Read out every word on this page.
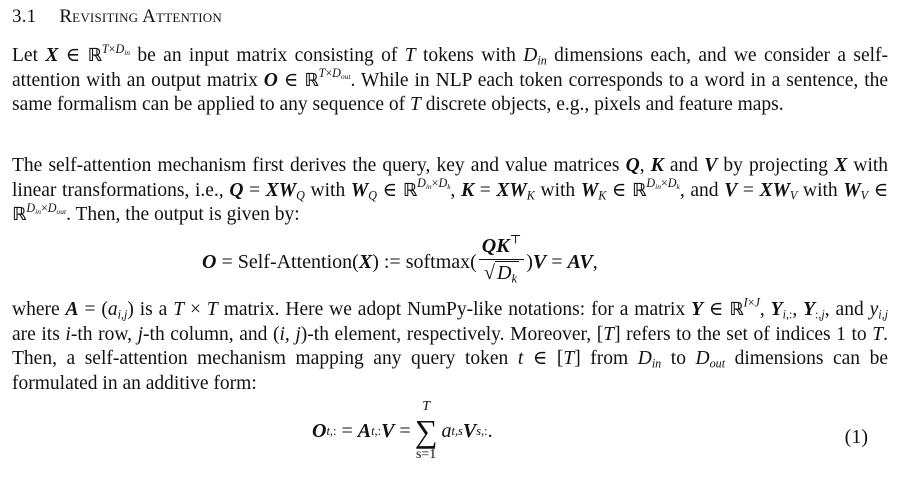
3.1 Revisiting Attention
Let X ∈ ℝ$^{T\times D_{in}}$ be an input matrix consisting of T tokens with $D_{in}$ dimensions each, and we consider a self-attention with an output matrix O ∈ ℝ$^{T\times D_{out}}$. While in NLP each token corresponds to a word in a sentence, the same formalism can be applied to any sequence of T discrete objects, e.g., pixels and feature maps.
The self-attention mechanism first derives the query, key and value matrices Q, K and V by projecting X with linear transformations, i.e., $Q = XW_Q$ with $W_Q$ ∈ ℝ$^{D_{in}\times D_k}$, $K = XW_K$ with $W_K$ ∈ ℝ$^{D_{in}\times D_k}$, and $V = XW_V$ with $W_V$ ∈ ℝ$^{D_{in}\times D_{out}}$. Then, the output is given by:
O = Self-Attention ( X ) := softmax ( $\frac{QK^⊤}{√ D_k}$ ) V = AV ,
where $A = (a_{i,j})$ is a T × T matrix. Here we adopt NumPy-like notations: for a matrix Y ∈ ℝ$^{I\times J}$, $Y_{i,:}$, $Y_{:,j}$, and $y_{i,j}$ are its i-th row, j-th column, and (i, j)-th element, respectively. Moreover, [T] refers to the set of indices 1 to T. Then, a self-attention mechanism mapping any query token t ∈ [T] from $D_{in}$ to $D_{out}$ dimensions can be formulated in an additive form:
O t,: = A t,: V =
T
∑
s=1
a t,s V s,: .	(1)
